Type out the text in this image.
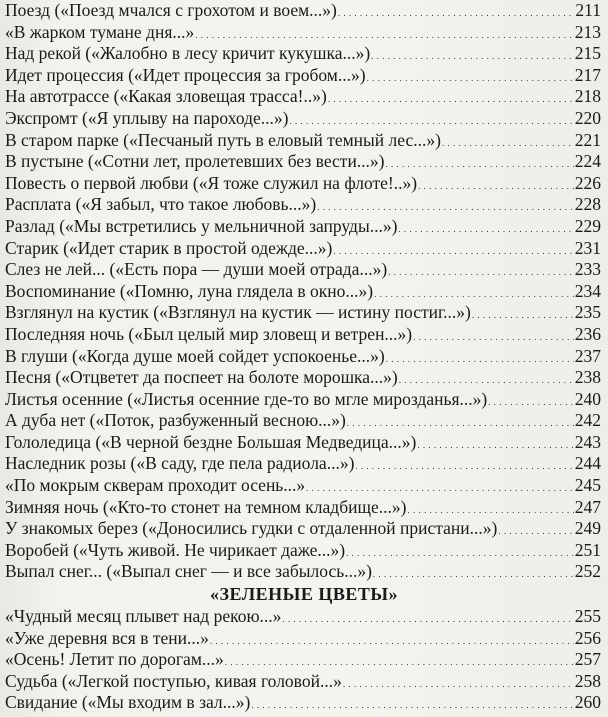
Поезд («Поезд мчался с грохотом и воем...») . . .	211
«В жарком тумане дня...» . . .	213
Над рекой («Жалобно в лесу кричит кукушка...») . . .	215
Идет процессия («Идет процессия за гробом...») . . .	217
На автотрассе («Какая зловещая трасса!..») . . .	218
Экспромт («Я уплыву на пароходе...») . . .	220
В старом парке («Песчаный путь в еловый темный лес...») . . .	221
В пустыне («Сотни лет, пролетевших без вести...») . . .	224
Повесть о первой любви («Я тоже служил на флоте!..») . . .	226
Расплата («Я забыл, что такое любовь...») . . .	228
Разлад («Мы встретились у мельничной запруды...») . . .	229
Старик («Идет старик в простой одежде...») . . .	231
Слез не лей... («Есть пора — души моей отрада...») . . .	233
Воспоминание («Помню, луна глядела в окно...») . . .	234
Взглянул на кустик («Взглянул на кустик — истину постиг...») . . .	235
Последняя ночь («Был целый мир зловещ и ветрен...») . . .	236
В глуши («Когда душе моей сойдет успокоенье...») . . .	237
Песня («Отцветет да поспеет на болоте морошка...») . . .	238
Листья осенние («Листья осенние где-то во мгле мирозданья...») . . .	240
А дуба нет («Поток, разбуженный весною...») . . .	242
Гололедица («В черной бездне Большая Медведица...») . . .	243
Наследник розы («В саду, где пела радиола...») . . .	244
«По мокрым скверам проходит осень...» . . .	245
Зимняя ночь («Кто-то стонет на темном кладбище...») . . .	247
У знакомых берез («Доносились гудки с отдаленной пристани...») . . .	249
Воробей («Чуть живой. Не чирикает даже...») . . .	251
Выпал снег... («Выпал снег — и все забылось...») . . .	252
«ЗЕЛЕНЫЕ ЦВЕТЫ»
«Чудный месяц плывет над рекою...» . . .	255
«Уже деревня вся в тени...» . . .	256
«Осень! Летит по дорогам...» . . .	257
Судьба («Легкой поступью, кивая головой...» . . .	258
Свидание («Мы входим в зал...») . . .	260
